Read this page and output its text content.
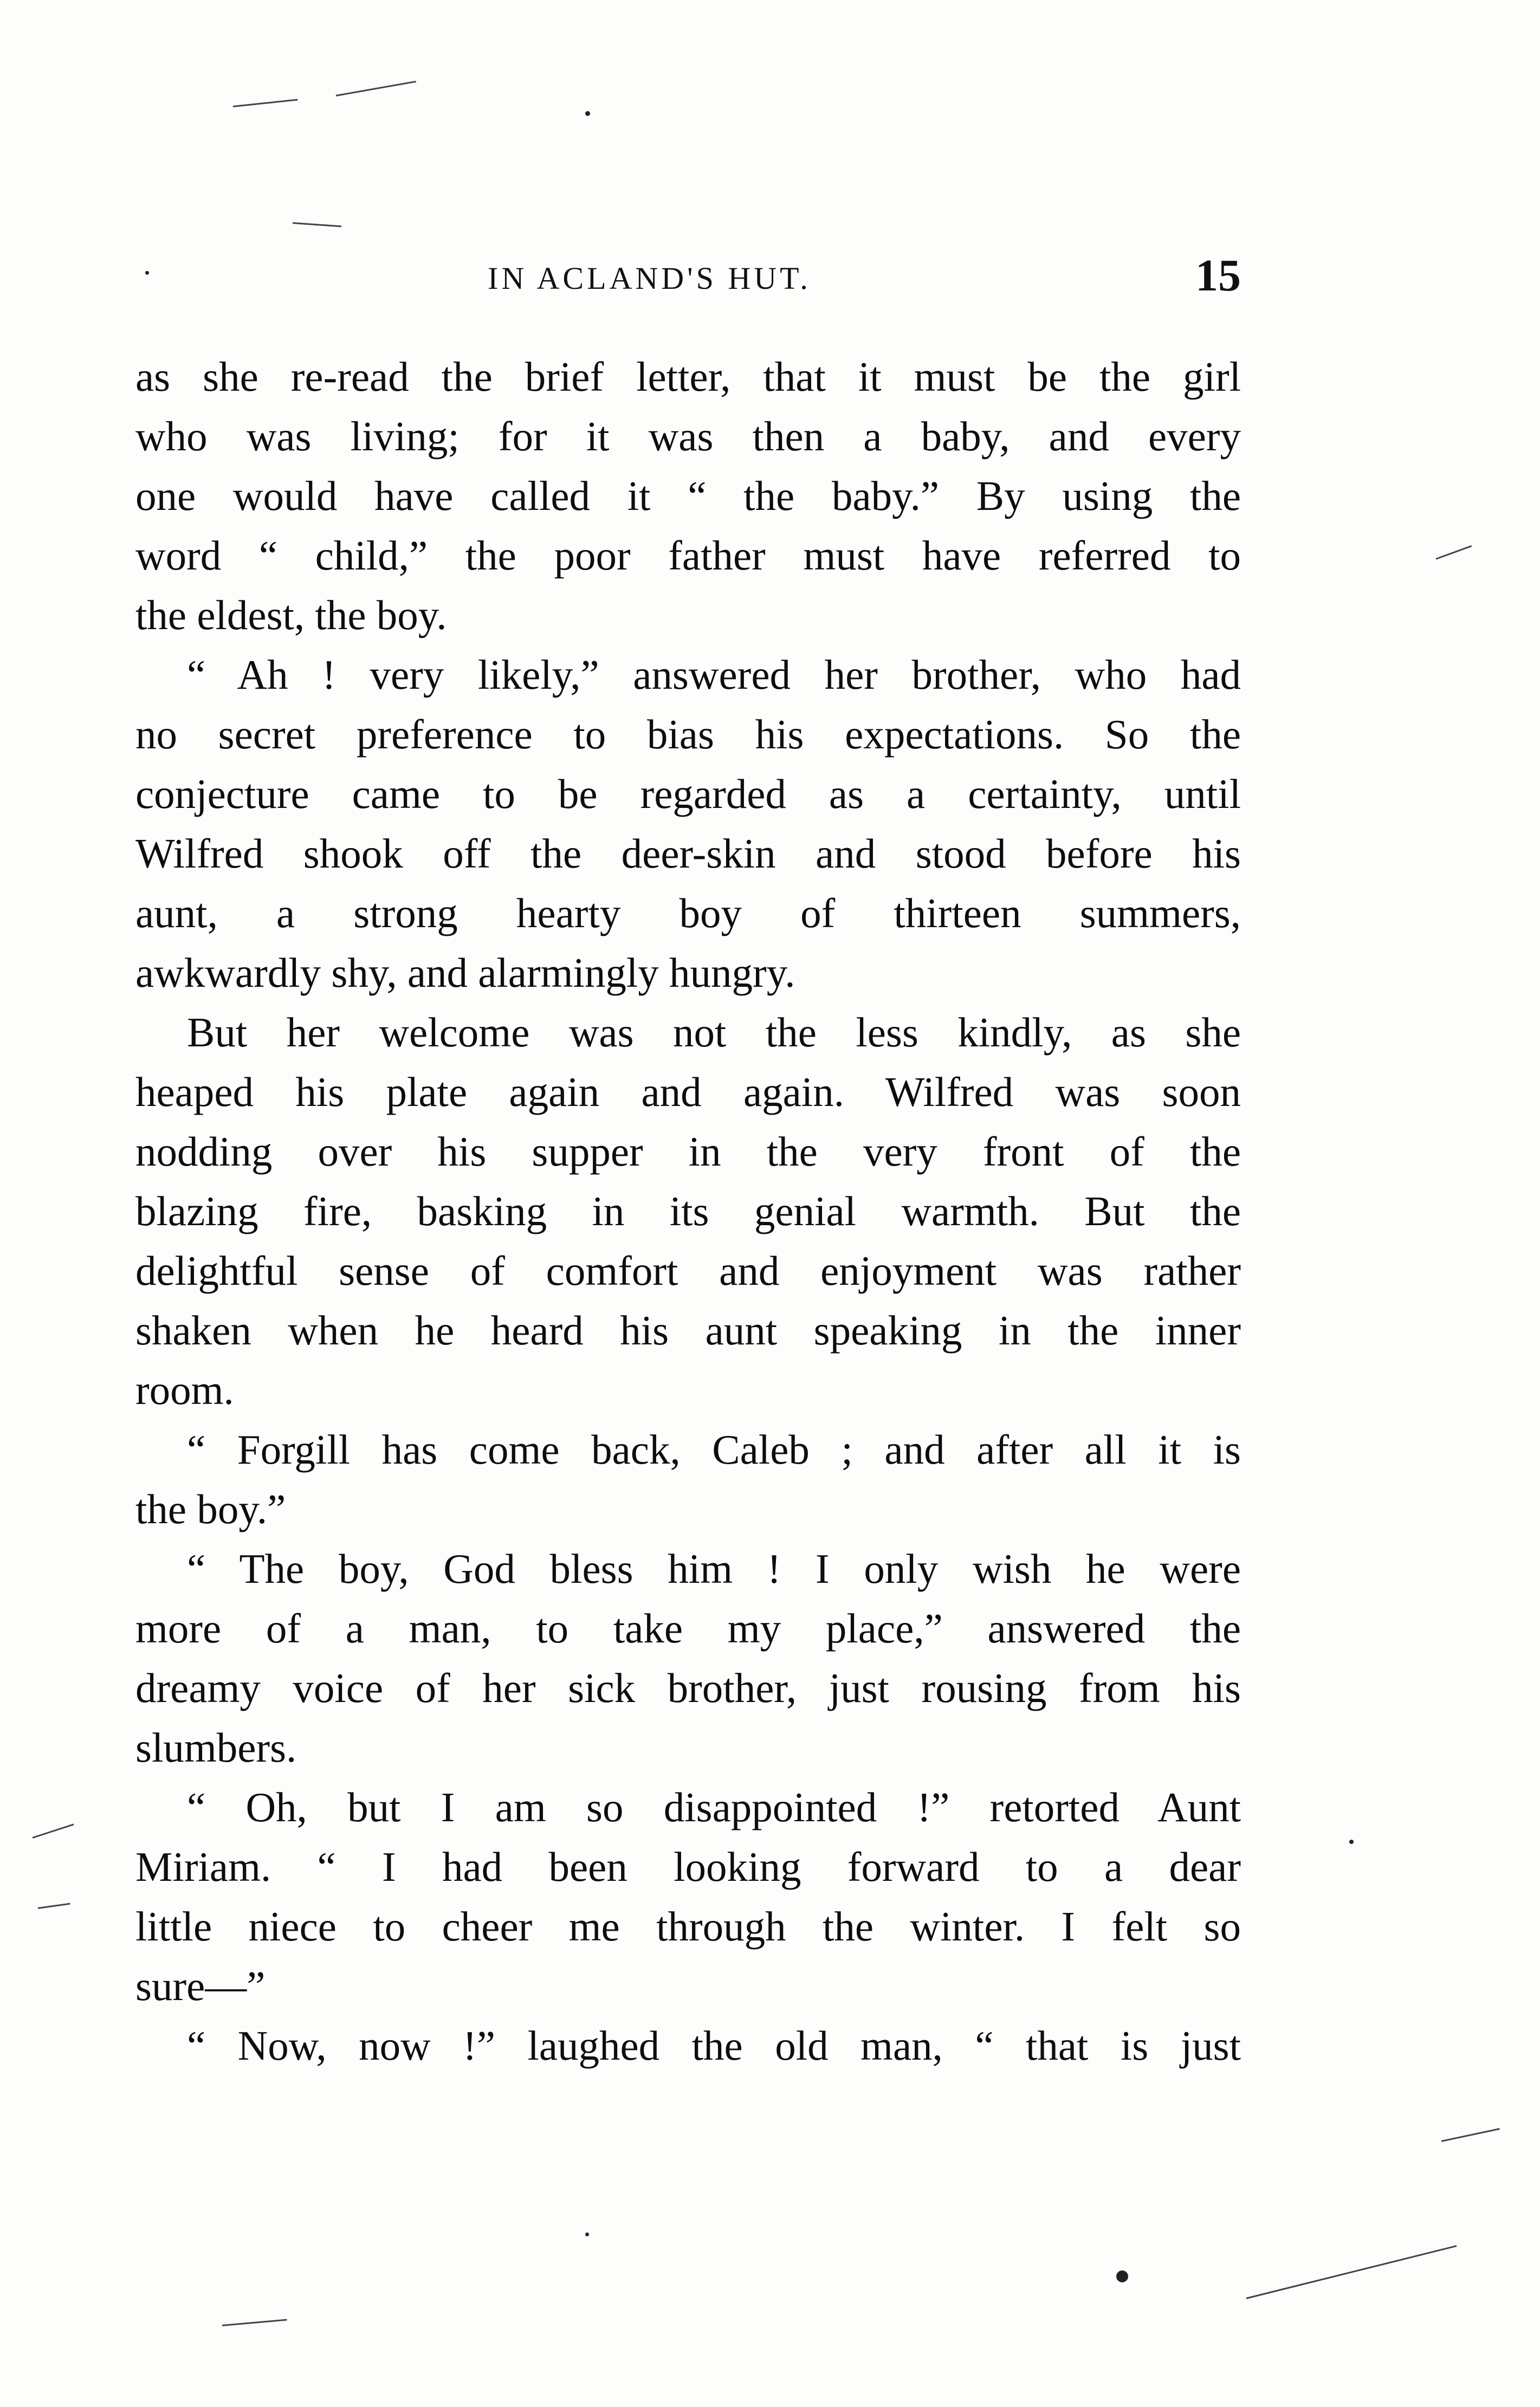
IN ACLAND'S HUT.	15

as she re-read the brief letter, that it must be the girl
who was living; for it was then a baby, and every
one would have called it “ the baby.” By using the
word “ child,” the poor father must have referred to
the eldest, the boy.

“ Ah ! very likely,” answered her brother, who had
no secret preference to bias his expectations. So the
conjecture came to be regarded as a certainty, until
Wilfred shook off the deer-skin and stood before his
aunt, a strong hearty boy of thirteen summers,
awkwardly shy, and alarmingly hungry.

But her welcome was not the less kindly, as she
heaped his plate again and again. Wilfred was soon
nodding over his supper in the very front of the
blazing fire, basking in its genial warmth. But the
delightful sense of comfort and enjoyment was rather
shaken when he heard his aunt speaking in the inner
room.

“ Forgill has come back, Caleb ; and after all it is
the boy.”

“ The boy, God bless him ! I only wish he were
more of a man, to take my place,” answered the
dreamy voice of her sick brother, just rousing from his
slumbers.

“ Oh, but I am so disappointed !” retorted Aunt
Miriam. “ I had been looking forward to a dear
little niece to cheer me through the winter. I felt so
sure—”

“ Now, now !” laughed the old man, “ that is just
